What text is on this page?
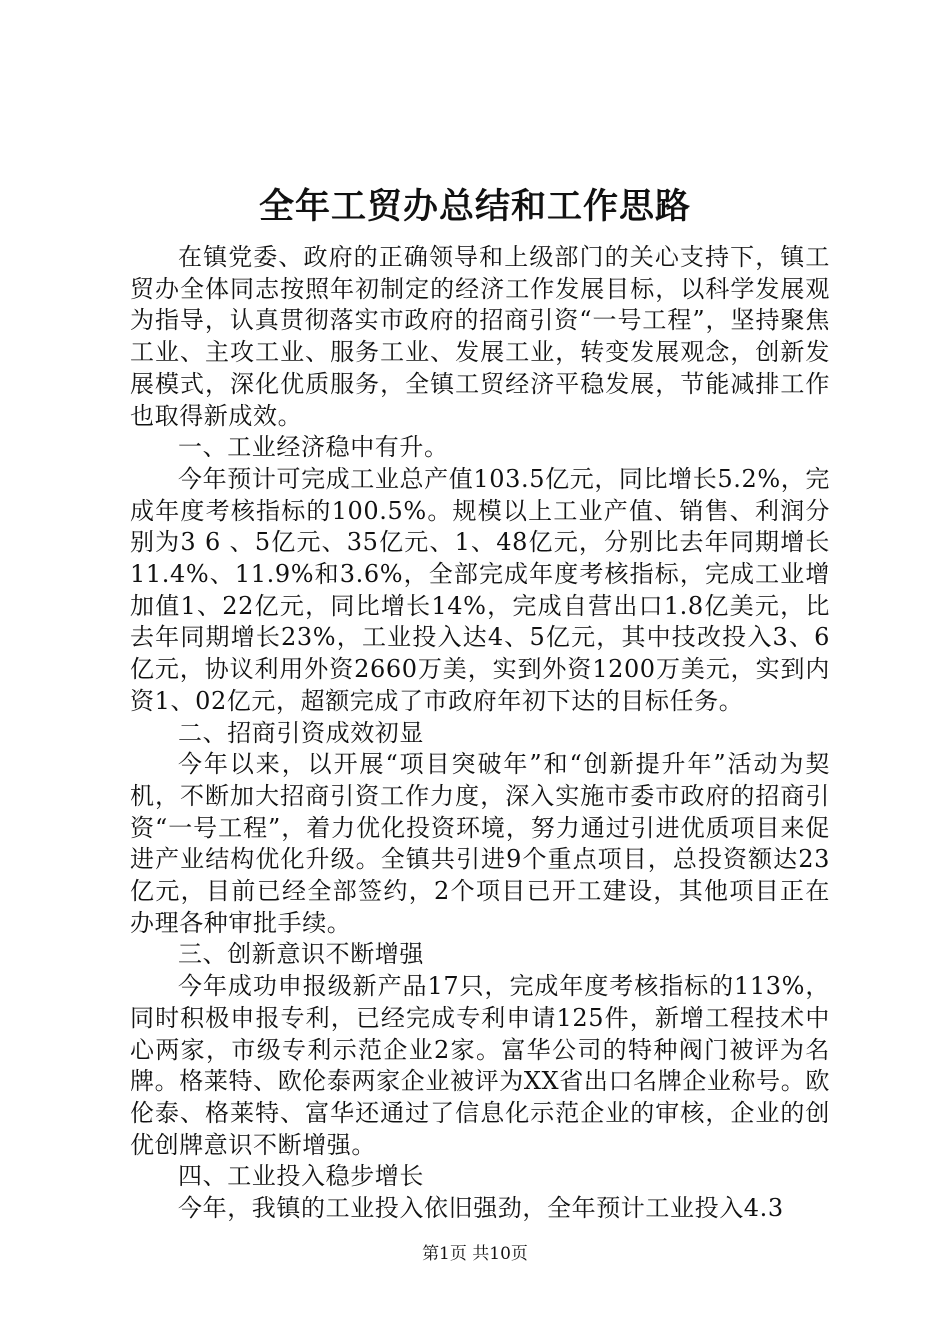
全年工贸办总结和工作思路

在镇党委、政府的正确领导和上级部门的关心支持下，镇工贸办全体同志按照年初制定的经济工作发展目标，以科学发展观为指导，认真贯彻落实市政府的招商引资“一号工程”，坚持聚焦工业、主攻工业、服务工业、发展工业，转变发展观念，创新发展模式，深化优质服务，全镇工贸经济平稳发展，节能减排工作也取得新成效。

一、工业经济稳中有升。

今年预计可完成工业总产值103.5亿元，同比增长5.2%，完成年度考核指标的100.5%。规模以上工业产值、销售、利润分别为3 6 、5亿元、35亿元、1、48亿元，分别比去年同期增长11.4%、11.9%和3.6%，全部完成年度考核指标，完成工业增加值1、22亿元，同比增长14%，完成自营出口1.8亿美元，比去年同期增长23%，工业投入达4、5亿元，其中技改投入3、6亿元，协议利用外资2660万美，实到外资1200万美元，实到内资1、02亿元，超额完成了市政府年初下达的目标任务。

二、招商引资成效初显

今年以来，以开展“项目突破年”和“创新提升年”活动为契机，不断加大招商引资工作力度，深入实施市委市政府的招商引资“一号工程”，着力优化投资环境，努力通过引进优质项目来促进产业结构优化升级。全镇共引进9个重点项目，总投资额达23亿元，目前已经全部签约，2个项目已开工建设，其他项目正在办理各种审批手续。

三、创新意识不断增强

今年成功申报级新产品17只，完成年度考核指标的113%，同时积极申报专利，已经完成专利申请125件，新增工程技术中心两家，市级专利示范企业2家。富华公司的特种阀门被评为名牌。格莱特、欧伦泰两家企业被评为XX省出口名牌企业称号。欧伦泰、格莱特、富华还通过了信息化示范企业的审核，企业的创优创牌意识不断增强。

四、工业投入稳步增长

今年，我镇的工业投入依旧强劲，全年预计工业投入4.3

第1页 共10页
